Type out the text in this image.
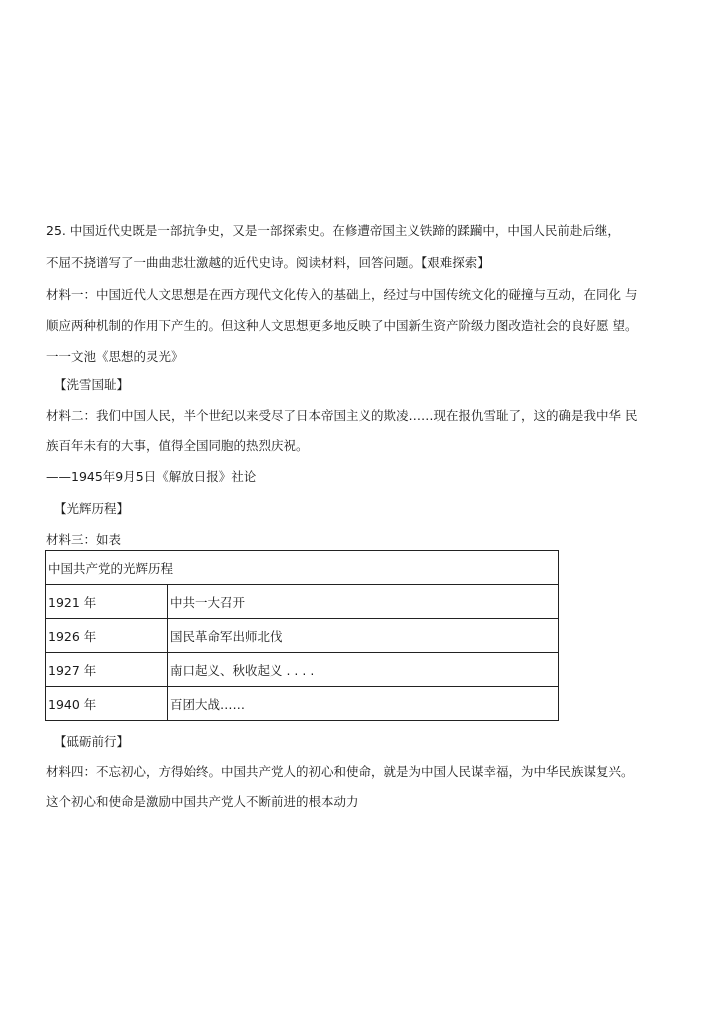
25. 中国近代史既是一部抗争史，又是一部探索史。在修遭帝国主义铁蹄的蹂躏中，中国人民前赴后继，
不屈不挠谱写了一曲曲悲壮激越的近代史诗。阅读材料，回答问题。【艰难探索】
材料一：中国近代人文思想是在西方现代文化传入的基础上，经过与中国传统文化的碰撞与互动，在同化 与
顺应两种机制的作用下产生的。但这种人文思想更多地反映了中国新生资产阶级力图改造社会的良好愿 望。
一一文池《思想的灵光》
【洗雪国耻】
材料二：我们中国人民，半个世纪以来受尽了日本帝国主义的欺凌……现在报仇雪耻了，这的确是我中华 民
族百年未有的大事，值得全国同胞的热烈庆祝。
——1945年9月5日《解放日报》社论
【光辉历程】
材料三：如表
中国共产党的光辉历程	
1921 年	中共一大召开
1926 年	国民革命军出师北伐
1927 年	南口起义、秋收起义 . . . .
1940 年	百团大战……
【砥砺前行】
材料四：不忘初心，方得始终。中国共产党人的初心和使命，就是为中国人民谋幸福，为中华民族谋复兴。
这个初心和使命是激励中国共产党人不断前进的根本动力
